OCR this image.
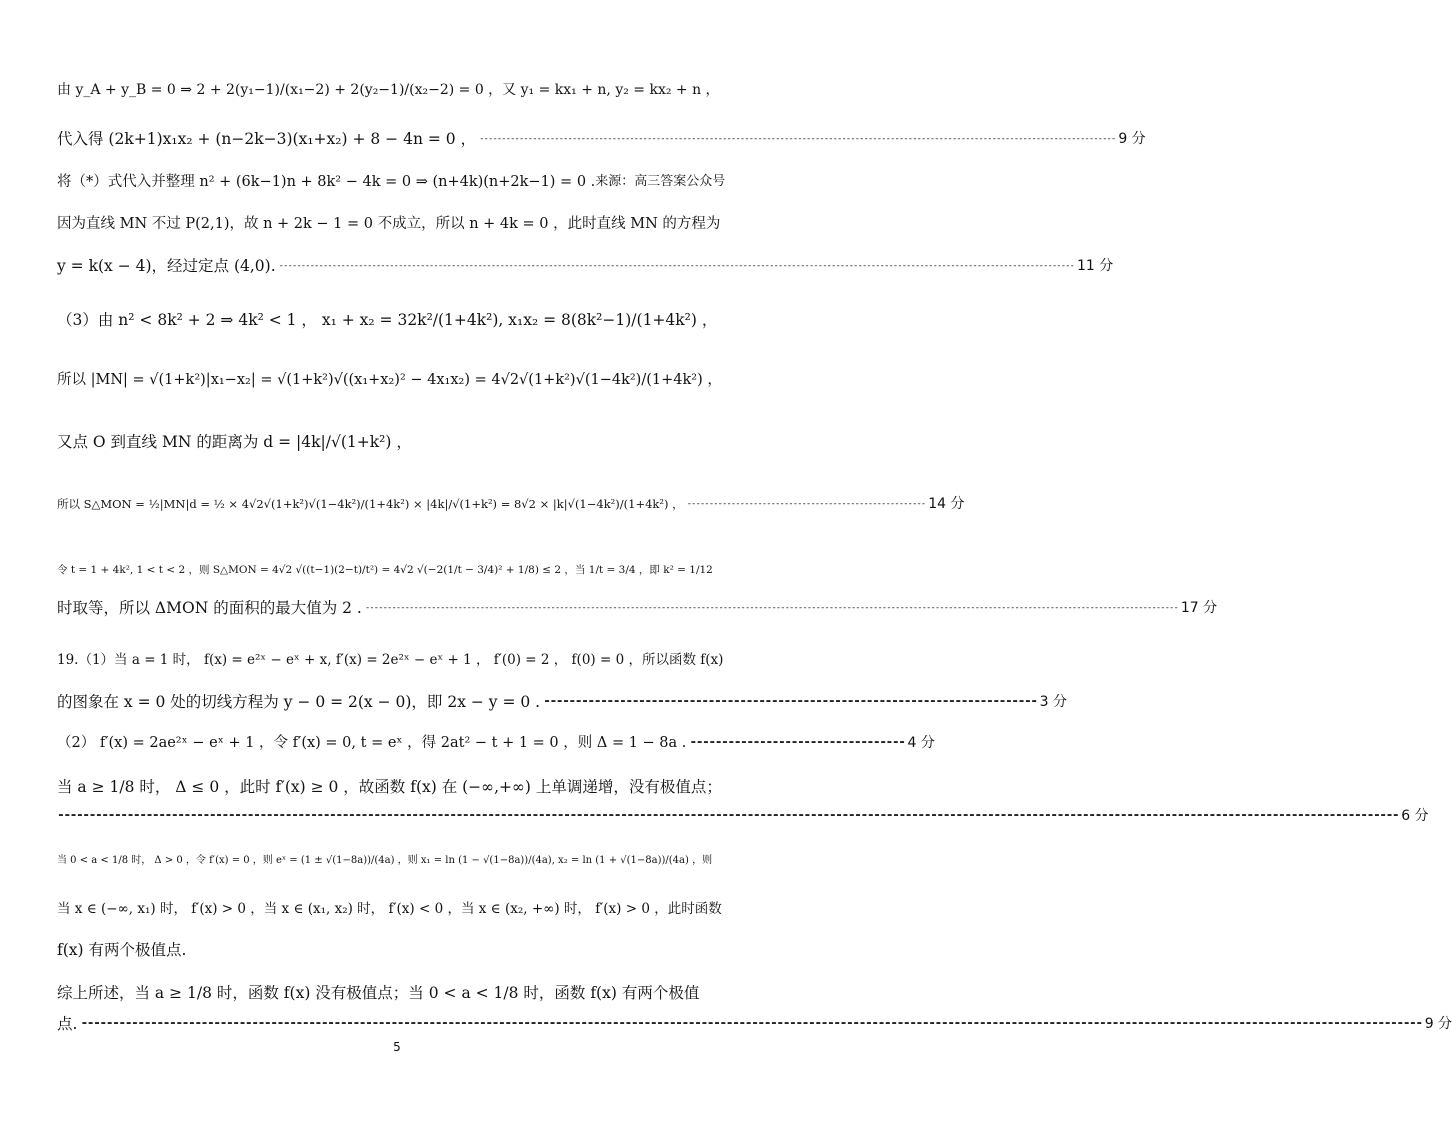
由 y_A + y_B = 0 ⇒ 2 + 2(y₁−1)/(x₁−2) + 2(y₂−1)/(x₂−2) = 0 ，又 y₁ = kx₁ + n, y₂ = kx₂ + n ，
代入得 (2k+1)x₁x₂ + (n−2k−3)(x₁+x₂) + 8 − 4n = 0 ， ------------------------------------------------------------------------------------------------------------------------------------------------ 9 分
将（*）式代入并整理 n² + (6k−1)n + 8k² − 4k = 0 ⇒ (n+4k)(n+2k−1) = 0 . 来源：高三答案公众号
因为直线 MN 不过 P(2,1)，故 n + 2k − 1 = 0 不成立，所以 n + 4k = 0 ，此时直线 MN 的方程为
y = k(x − 4)，经过定点 (4,0). ------------------------------------------------------------------------------------------------------------------------------------------------------------------------------------ 11 分
（3）由 n² < 8k² + 2 ⇒ 4k² < 1 ， x₁ + x₂ = 32k²/(1+4k²), x₁x₂ = 8(8k²−1)/(1+4k²) ，
所以 |MN| = √(1+k²)|x₁−x₂| = √(1+k²)√((x₁+x₂)² − 4x₁x₂) = 4√2√(1+k²)√(1−4k²)/(1+4k²) ，
又点 O 到直线 MN 的距离为 d = |4k|/√(1+k²) ，
所以 S△MON = ½|MN|d = ½ × 4√2√(1+k²)√(1−4k²)/(1+4k²) × |4k|/√(1+k²) = 8√2 × |k|√(1−4k²)/(1+4k²) ， ------------------------------------------------------ 14 分
令 t = 1 + 4k², 1 < t < 2 ，则 S△MON = 4√2 √((t−1)(2−t)/t²) = 4√2 √(−2(1/t − 3/4)² + 1/8) ≤ 2 ，当 1/t = 3/4 ，即 k² = 1/12
时取等，所以 ΔMON 的面积的最大值为 2 . ---------------------------------------------------------------------------------------------------------------------------------------------------------------------------------------- 17 分
19.（1）当 a = 1 时， f(x) = e²ˣ − eˣ + x, f′(x) = 2e²ˣ − eˣ + 1 ， f′(0) = 2 ， f(0) = 0 ，所以函数 f(x)
的图象在 x = 0 处的切线方程为 y − 0 = 2(x − 0)，即 2x − y = 0 . ------------------------------------------------------------------------------ 3 分
（2） f′(x) = 2ae²ˣ − eˣ + 1 ，令 f′(x) = 0, t = eˣ ，得 2at² − t + 1 = 0 ，则 Δ = 1 − 8a . ---------------------------------- 4 分
当 a ≥ 1/8 时， Δ ≤ 0 ，此时 f′(x) ≥ 0 ，故函数 f(x) 在 (−∞,+∞) 上单调递增，没有极值点；
-------------------------------------------------------------------------------------------------------------------------------------------------------------------------------------------------------------------- 6 分
当 0 < a < 1/8 时， Δ > 0 ，令 f′(x) = 0 ，则 eˣ = (1 ± √(1−8a))/(4a) ，则 x₁ = ln (1 − √(1−8a))/(4a), x₂ = ln (1 + √(1−8a))/(4a) ，则
当 x ∈ (−∞, x₁) 时， f′(x) > 0 ，当 x ∈ (x₁, x₂) 时， f′(x) < 0 ，当 x ∈ (x₂, +∞) 时， f′(x) > 0 ，此时函数
f(x) 有两个极值点.
综上所述，当 a ≥ 1/8 时，函数 f(x) 没有极值点；当 0 < a < 1/8 时，函数 f(x) 有两个极值
点. -------------------------------------------------------------------------------------------------------------------------------------------------------------------------------------------------------------------- 9 分
5
